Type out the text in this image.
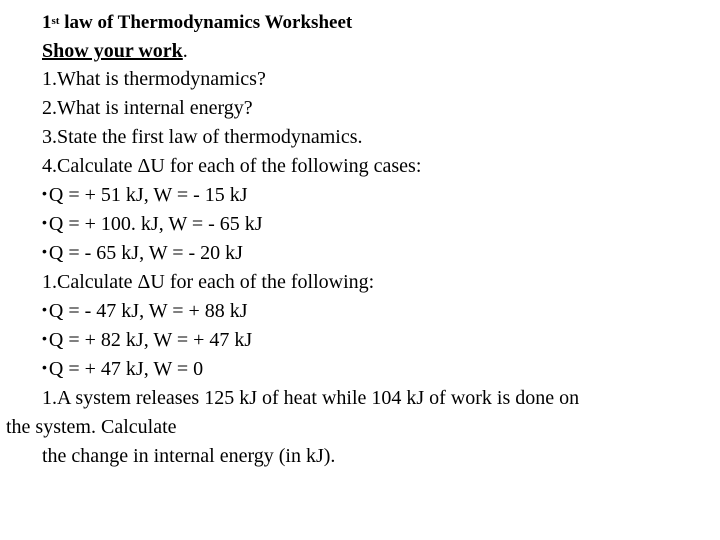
1st law of Thermodynamics Worksheet
Show your work.
1.What is thermodynamics?
2.What is internal energy?
3.State the first law of thermodynamics.
4.Calculate ΔU for each of the following cases:
• Q = + 51 kJ, W = - 15 kJ
• Q = + 100. kJ, W = - 65 kJ
• Q = - 65 kJ, W = - 20 kJ
1.Calculate ΔU for each of the following:
• Q = - 47 kJ, W = + 88 kJ
• Q = + 82 kJ, W = + 47 kJ
• Q = + 47 kJ, W = 0
1.A system releases 125 kJ of heat while 104 kJ of work is done on
the system. Calculate
the change in internal energy (in kJ).
